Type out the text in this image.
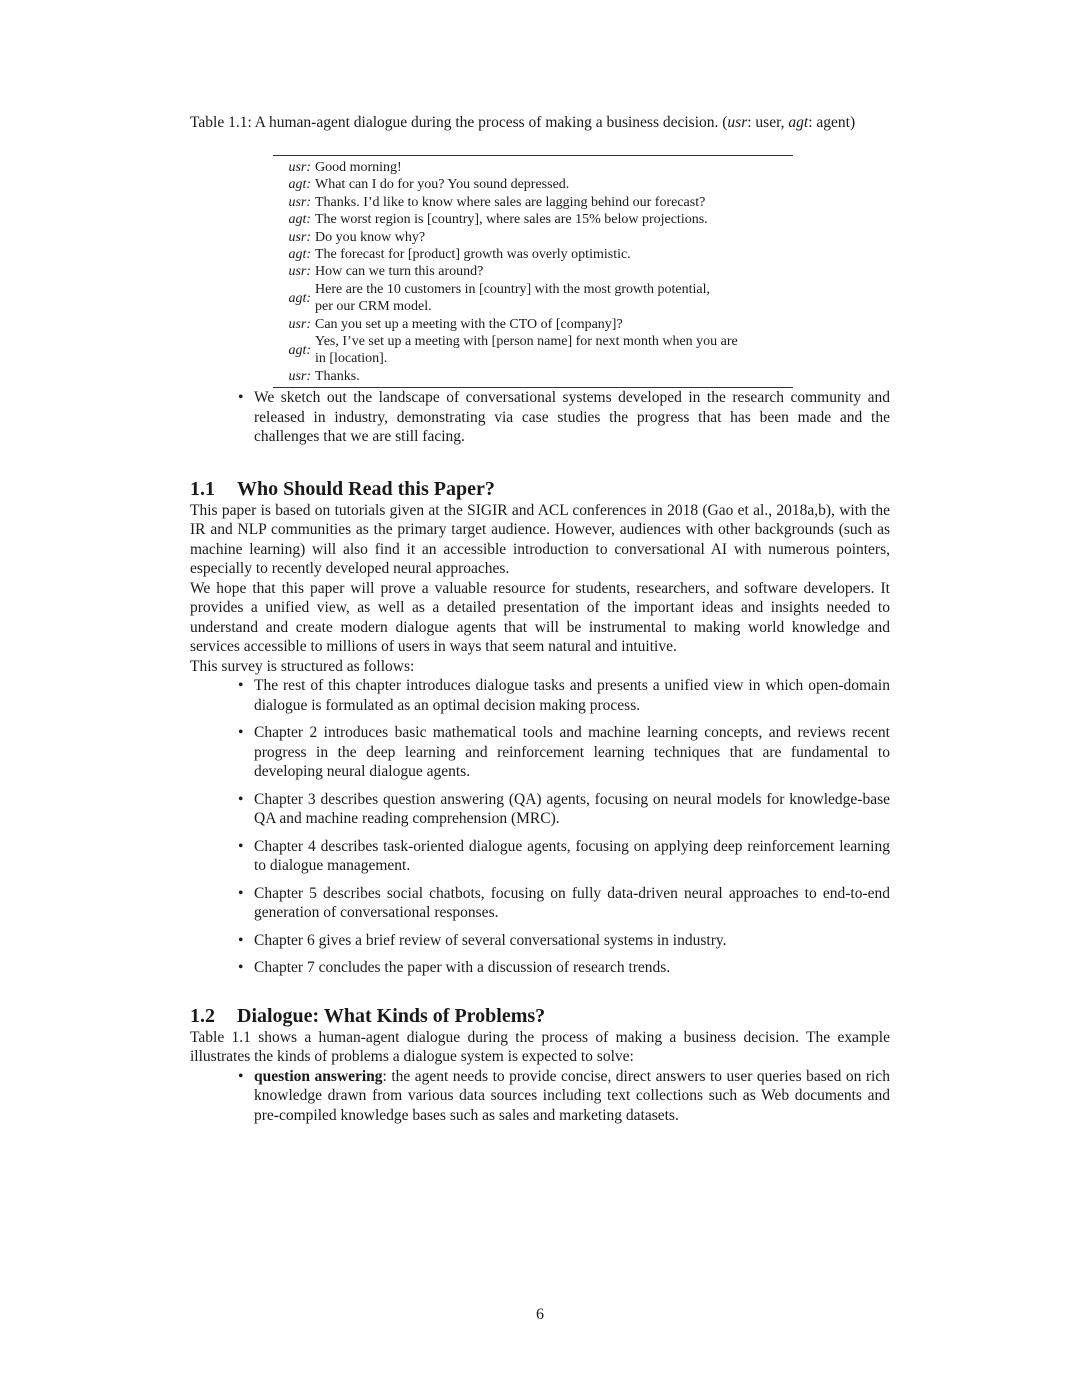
Table 1.1: A human-agent dialogue during the process of making a business decision. (usr: user, agt: agent)

usr:	Good morning!
agt:	What can I do for you? You sound depressed.
usr:	Thanks. I’d like to know where sales are lagging behind our forecast?
agt:	The worst region is [country], where sales are 15% below projections.
usr:	Do you know why?
agt:	The forecast for [product] growth was overly optimistic.
usr:	How can we turn this around?
agt:	Here are the 10 customers in [country] with the most growth potential,
per our CRM model.
usr:	Can you set up a meeting with the CTO of [company]?
agt:	Yes, I’ve set up a meeting with [person name] for next month when you are
in [location].
usr:	Thanks.
• We sketch out the landscape of conversational systems developed in the research community and released in industry, demonstrating via case studies the progress that has been made and the challenges that we are still facing.
1.1 Who Should Read this Paper?

This paper is based on tutorials given at the SIGIR and ACL conferences in 2018 (Gao et al., 2018a,b), with the IR and NLP communities as the primary target audience. However, audiences with other backgrounds (such as machine learning) will also find it an accessible introduction to conversational AI with numerous pointers, especially to recently developed neural approaches.

We hope that this paper will prove a valuable resource for students, researchers, and software developers. It provides a unified view, as well as a detailed presentation of the important ideas and insights needed to understand and create modern dialogue agents that will be instrumental to making world knowledge and services accessible to millions of users in ways that seem natural and intuitive.

This survey is structured as follows:

• The rest of this chapter introduces dialogue tasks and presents a unified view in which open-domain dialogue is formulated as an optimal decision making process.
• Chapter 2 introduces basic mathematical tools and machine learning concepts, and reviews recent progress in the deep learning and reinforcement learning techniques that are fundamental to developing neural dialogue agents.
• Chapter 3 describes question answering (QA) agents, focusing on neural models for knowledge-base QA and machine reading comprehension (MRC).
• Chapter 4 describes task-oriented dialogue agents, focusing on applying deep reinforcement learning to dialogue management.
• Chapter 5 describes social chatbots, focusing on fully data-driven neural approaches to end-to-end generation of conversational responses.
• Chapter 6 gives a brief review of several conversational systems in industry.
• Chapter 7 concludes the paper with a discussion of research trends.
1.2 Dialogue: What Kinds of Problems?

Table 1.1 shows a human-agent dialogue during the process of making a business decision. The example illustrates the kinds of problems a dialogue system is expected to solve:

• question answering: the agent needs to provide concise, direct answers to user queries based on rich knowledge drawn from various data sources including text collections such as Web documents and pre-compiled knowledge bases such as sales and marketing datasets.
6
